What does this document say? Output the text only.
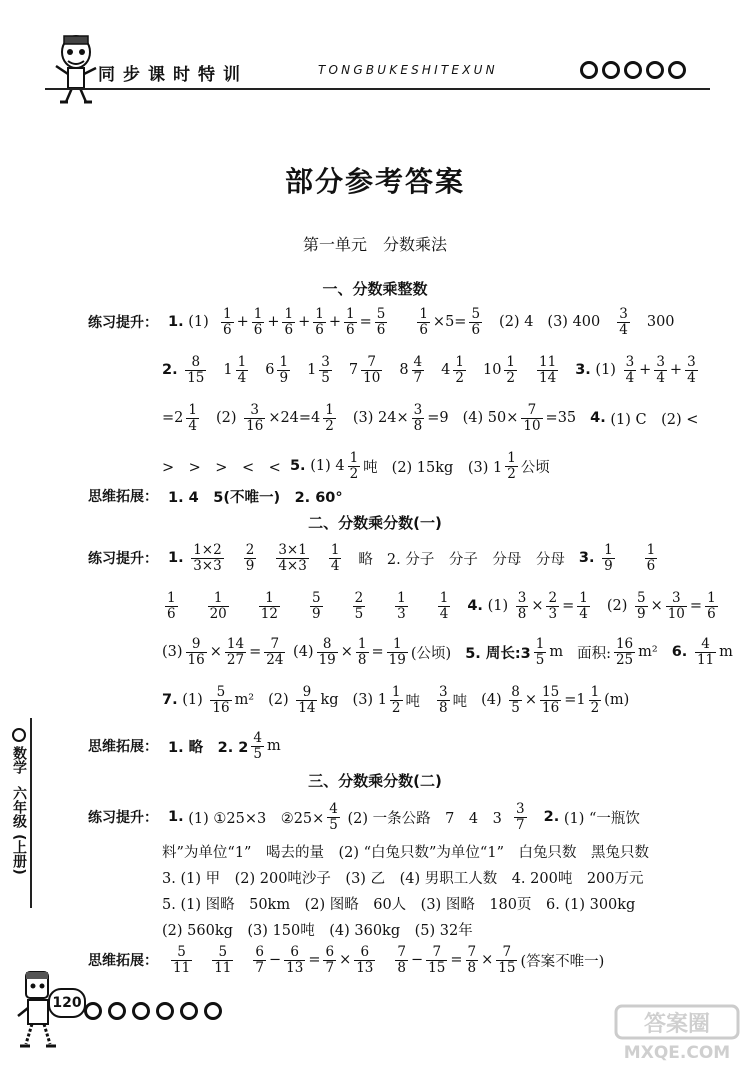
同步课时特训	TONGBUKESHITEXUN
部分参考答案
第一单元　分数乘法
一、分数乘整数
练习提升： 1.
(1)
$\frac{1}{6} + \frac{1}{6} + \frac{1}{6} + \frac{1}{6} + \frac{1}{6} = \frac{5}{6} \frac{1}{6} \times 5= \frac{5}{6} (2)$ 4 (3) $400 \frac{3}{4} 300$
2.
$\frac{8}{15} 1 \frac{1}{4} 6 \frac{1}{9} 1 \frac{3}{5} 7 \frac{7}{10} 8 \frac{4}{7} 4 \frac{1}{2} 10 \frac{1}{2} \frac{11}{14} 3$.
(1)
$\frac{3}{4} + \frac{3}{4} + \frac{3}{4}$
$=2 \frac{1}{4} (2)$
$\frac{3}{16} \times 24=4 \frac{1}{2} (3)$ $24\times \frac{3}{8} =9$ (4) $50\times \frac{7}{10} =35$ 4.
(1) C　(2) <
>　>　>　<　<
5.
(1) $4 \frac{1}{2}$ 吨 (2) 15kg　(3) $1 \frac{1}{2}$ 公顷
思维拓展： 1. 4　5(不唯一)　2. 60°
二、分数乘分数(一)
练习提升： 1.
$\frac{1\times 2}{3\times 3} \frac{2}{9} \frac{3\times 1}{4\times 3} \frac{1}{4}$ 略 2. 分子　分子　分母　分母 3.
$\frac{1}{9} \frac{1}{6}$
$\frac{1}{6} \frac{1}{20} \frac{1}{12} \frac{5}{9} \frac{2}{5} \frac{1}{3} \frac{1}{4} 4$.
(1)
$\frac{3}{8} \times \frac{2}{3} = \frac{1}{4} (2)$
$\frac{5}{9} \times \frac{3}{10} = \frac{1}{6}$
$(3) \frac{9}{16} \times \frac{14}{27} = \frac{7}{24}$
$(4) \frac{8}{19} \times \frac{1}{8} = \frac{1}{19}$ (公顷) 5. 周长:3 $\frac{1}{5}$ m 面积: $\frac{16}{25} m^2$ 6.
$\frac{4}{11}$ m
7.
(1)
$\frac{5}{16} m^2$ (2)
$\frac{9}{14}$ kg (3) $1 \frac{1}{2}$ 吨 $\frac{3}{8}$ 吨 (4)
$\frac{8}{5} \times \frac{15}{16} =1 \frac{1}{2} (m)$
思维拓展： 1. 略　2. $2 \frac{4}{5}$ m
三、分数乘分数(二)
练习提升： 1.
(1) ①25×3　②25× $\frac{4}{5}$
(2) 一条公路　7　4　3
$\frac{3}{7} 2$.
(1) “一瓶饮
料”为单位“1”　喝去的量　(2) “白兔只数”为单位“1”　白兔只数　黑兔只数
3. (1) 甲　(2) 200吨沙子　(3) 乙　(4) 男职工人数　4. 200吨　200万元
5. (1) 图略　50km　(2) 图略　60人　(3) 图略　180页　6. (1) 300kg
(2) 560kg　(3) 150吨　(4) 360kg　(5) 32年
思维拓展： $\frac{5}{11} \frac{5}{11} \frac{6}{7} - \frac{6}{13} = \frac{6}{7} \times \frac{6}{13} \frac{7}{8} - \frac{7}{15} = \frac{7}{8} \times \frac{7}{15}$ (答案不唯一)
数学
六年级
(上册)
120
答案圈
MXQE.COM
